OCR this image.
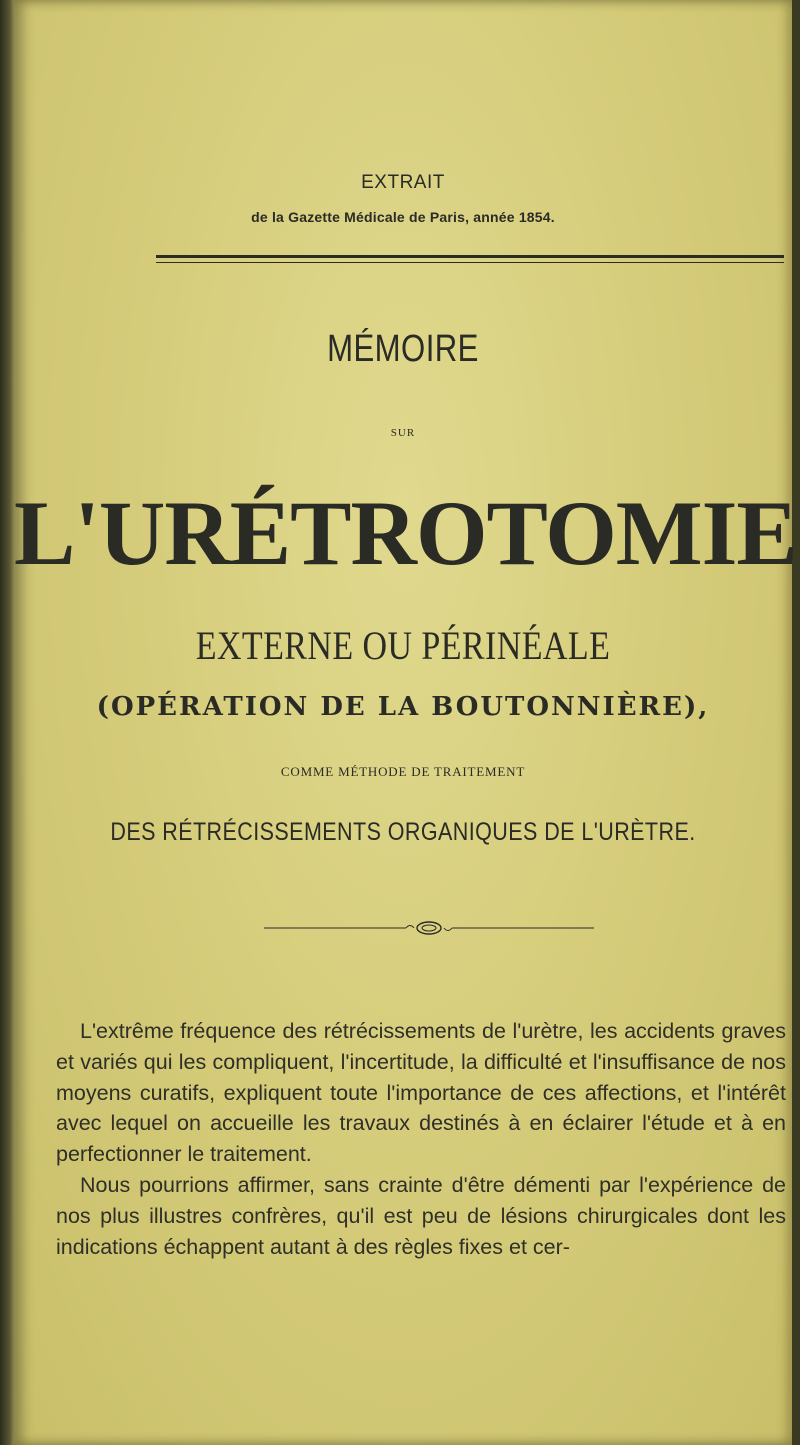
EXTRAIT
de la Gazette Médicale de Paris, année 1854.
MÉMOIRE
SUR
L'URÉTROTOMIE
EXTERNE OU PÉRINÉALE
(OPÉRATION DE LA BOUTONNIÈRE),
COMME MÉTHODE DE TRAITEMENT
DES RÉTRÉCISSEMENTS ORGANIQUES DE L'URÈTRE.

L'extrême fréquence des rétrécissements de l'urètre, les accidents graves et variés qui les compliquent, l'incertitude, la difficulté et l'insuffisance de nos moyens curatifs, expliquent toute l'importance de ces affections, et l'intérêt avec lequel on accueille les travaux destinés à en éclairer l'étude et à en perfectionner le traitement.

Nous pourrions affirmer, sans crainte d'être démenti par l'expérience de nos plus illustres confrères, qu'il est peu de lésions chirurgicales dont les indications échappent autant à des règles fixes et cer-
